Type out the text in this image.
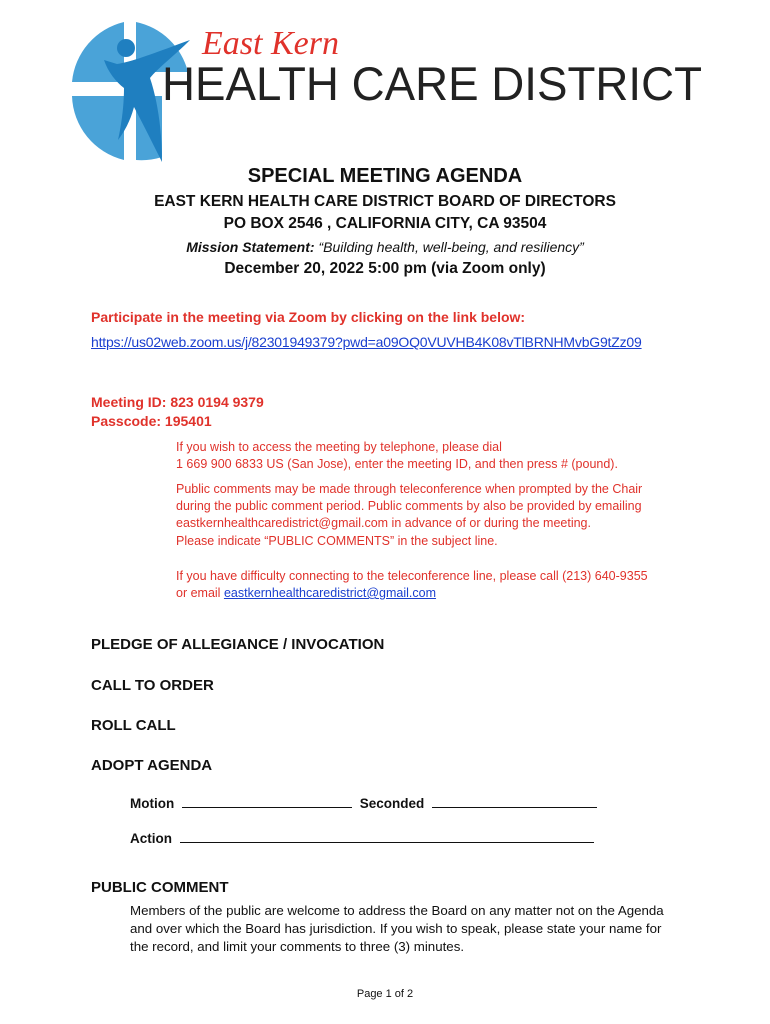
East Kern
HEALTH CARE DISTRICT
SPECIAL MEETING AGENDA
EAST KERN HEALTH CARE DISTRICT BOARD OF DIRECTORS
PO BOX 2546 , CALIFORNIA CITY, CA 93504
Mission Statement: “Building health, well-being, and resiliency”
December 20, 2022 5:00 pm (via Zoom only)
Participate in the meeting via Zoom by clicking on the link below:
https://us02web.zoom.us/j/82301949379?pwd=a09OQ0VUVHB4K08vTlBRNHMvbG9tZz09
Meeting ID: 823 0194 9379
Passcode: 195401
If you wish to access the meeting by telephone, please dial
1 669 900 6833 US (San Jose), enter the meeting ID, and then press # (pound).
Public comments may be made through teleconference when prompted by the Chair
during the public comment period. Public comments by also be provided by emailing
eastkernhealthcaredistrict@gmail.com in advance of or during the meeting.
Please indicate “PUBLIC COMMENTS” in the subject line.
If you have difficulty connecting to the teleconference line, please call (213) 640-9355
or email eastkernhealthcaredistrict@gmail.com
PLEDGE OF ALLEGIANCE / INVOCATION
CALL TO ORDER
ROLL CALL
ADOPT AGENDA
Motion	Seconded
Action
PUBLIC COMMENT
Members of the public are welcome to address the Board on any matter not on the Agenda
and over which the Board has jurisdiction. If you wish to speak, please state your name for
the record, and limit your comments to three (3) minutes.
Page 1 of 2
